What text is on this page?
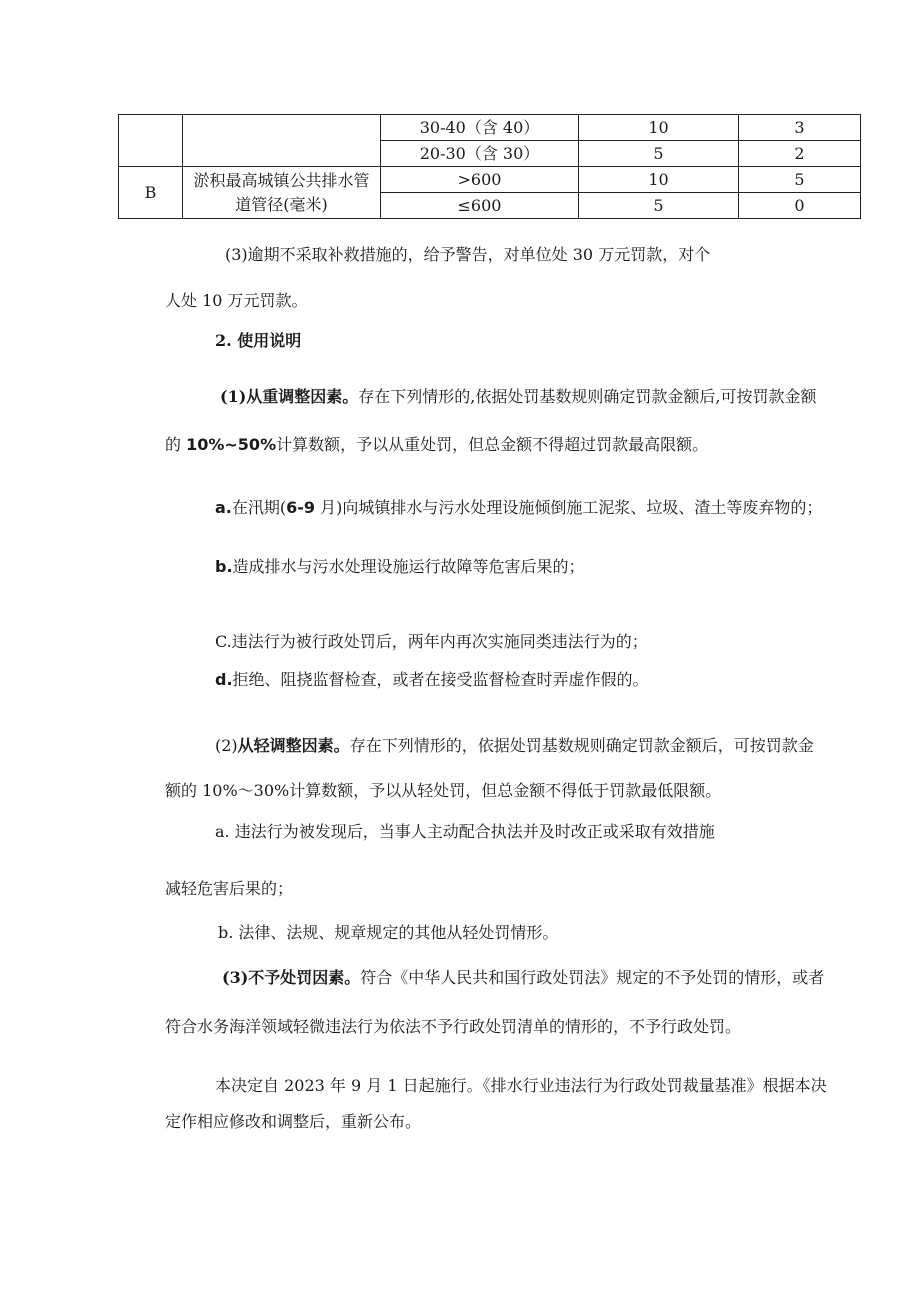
		30-40（含 40）	10	3
		20-30（含 30）	5	2
B	淤积最高城镇公共排水管道管径(毫米)	>600	10	5
		≤600	5	0
(3)逾期不采取补救措施的，给予警告，对单位处 30 万元罚款，对个
人处 10 万元罚款。
2. 使用说明
(1)从重调整因素。存在下列情形的,依据处罚基数规则确定罚款金额后,可按罚款金额
的 10%~50%计算数额，予以从重处罚，但总金额不得超过罚款最高限额。
a.在汛期(6-9 月)向城镇排水与污水处理设施倾倒施工泥浆、垃圾、渣土等废弃物的；
b.造成排水与污水处理设施运行故障等危害后果的；
C.违法行为被行政处罚后，两年内再次实施同类违法行为的；
d.拒绝、阻挠监督检查，或者在接受监督检查时弄虚作假的。
(2)从轻调整因素。存在下列情形的，依据处罚基数规则确定罚款金额后，可按罚款金
额的 10%～30%计算数额，予以从轻处罚，但总金额不得低于罚款最低限额。
a. 违法行为被发现后，当事人主动配合执法并及时改正或采取有效措施
减轻危害后果的；
b. 法律、法规、规章规定的其他从轻处罚情形。
(3)不予处罚因素。符合《中华人民共和国行政处罚法》规定的不予处罚的情形，或者
符合水务海洋领域轻微违法行为依法不予行政处罚清单的情形的，不予行政处罚。
本决定自 2023 年 9 月 1 日起施行。《排水行业违法行为行政处罚裁量基准》根据本决
定作相应修改和调整后，重新公布。
